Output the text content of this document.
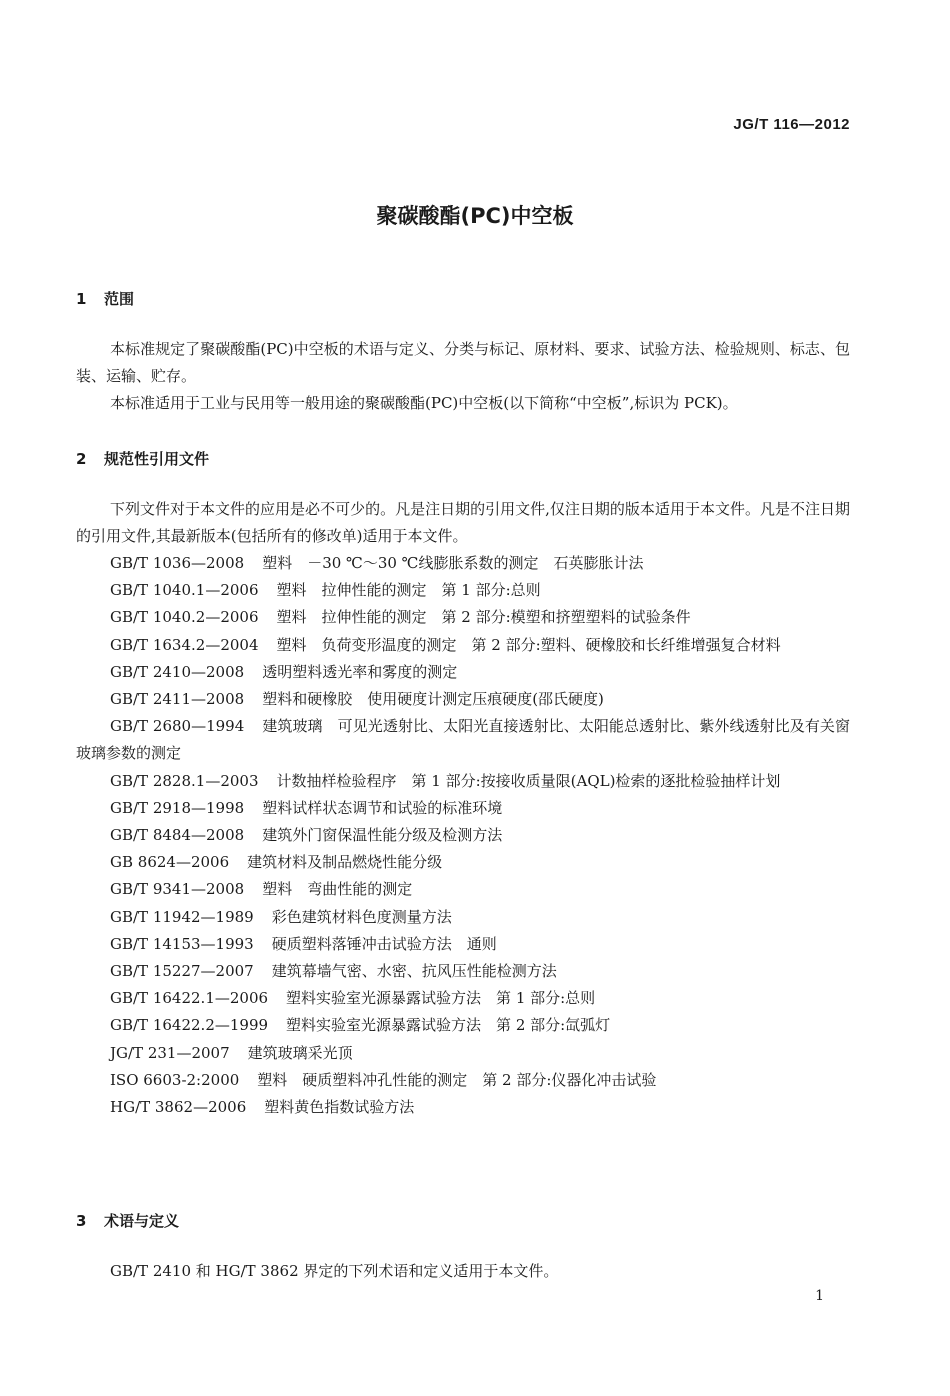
JG/T 116—2012
聚碳酸酯(PC)中空板
1 范围

本标准规定了聚碳酸酯(PC)中空板的术语与定义、分类与标记、原材料、要求、试验方法、检验规则、标志、包装、运输、贮存。

本标准适用于工业与民用等一般用途的聚碳酸酯(PC)中空板(以下简称“中空板”,标识为 PCK)。

2 规范性引用文件

下列文件对于本文件的应用是必不可少的。凡是注日期的引用文件,仅注日期的版本适用于本文件。凡是不注日期的引用文件,其最新版本(包括所有的修改单)适用于本文件。

GB/T 1036—2008 塑料　－30 ℃～30 ℃线膨胀系数的测定　石英膨胀计法
GB/T 1040.1—2006 塑料　拉伸性能的测定　第 1 部分:总则
GB/T 1040.2—2006 塑料　拉伸性能的测定　第 2 部分:模塑和挤塑塑料的试验条件
GB/T 1634.2—2004 塑料　负荷变形温度的测定　第 2 部分:塑料、硬橡胶和长纤维增强复合材料
GB/T 2410—2008 透明塑料透光率和雾度的测定
GB/T 2411—2008 塑料和硬橡胶　使用硬度计测定压痕硬度(邵氏硬度)
GB/T 2680—1994 建筑玻璃　可见光透射比、太阳光直接透射比、太阳能总透射比、紫外线透射比及有关窗玻璃参数的测定
GB/T 2828.1—2003 计数抽样检验程序　第 1 部分:按接收质量限(AQL)检索的逐批检验抽样计划
GB/T 2918—1998 塑料试样状态调节和试验的标准环境
GB/T 8484—2008 建筑外门窗保温性能分级及检测方法
GB 8624—2006 建筑材料及制品燃烧性能分级
GB/T 9341—2008 塑料　弯曲性能的测定
GB/T 11942—1989 彩色建筑材料色度测量方法
GB/T 14153—1993 硬质塑料落锤冲击试验方法　通则
GB/T 15227—2007 建筑幕墙气密、水密、抗风压性能检测方法
GB/T 16422.1—2006 塑料实验室光源暴露试验方法　第 1 部分:总则
GB/T 16422.2—1999 塑料实验室光源暴露试验方法　第 2 部分:氙弧灯
JG/T 231—2007 建筑玻璃采光顶
ISO 6603-2:2000 塑料　硬质塑料冲孔性能的测定　第 2 部分:仪器化冲击试验
HG/T 3862—2006 塑料黄色指数试验方法
3 术语与定义

GB/T 2410 和 HG/T 3862 界定的下列术语和定义适用于本文件。

1
